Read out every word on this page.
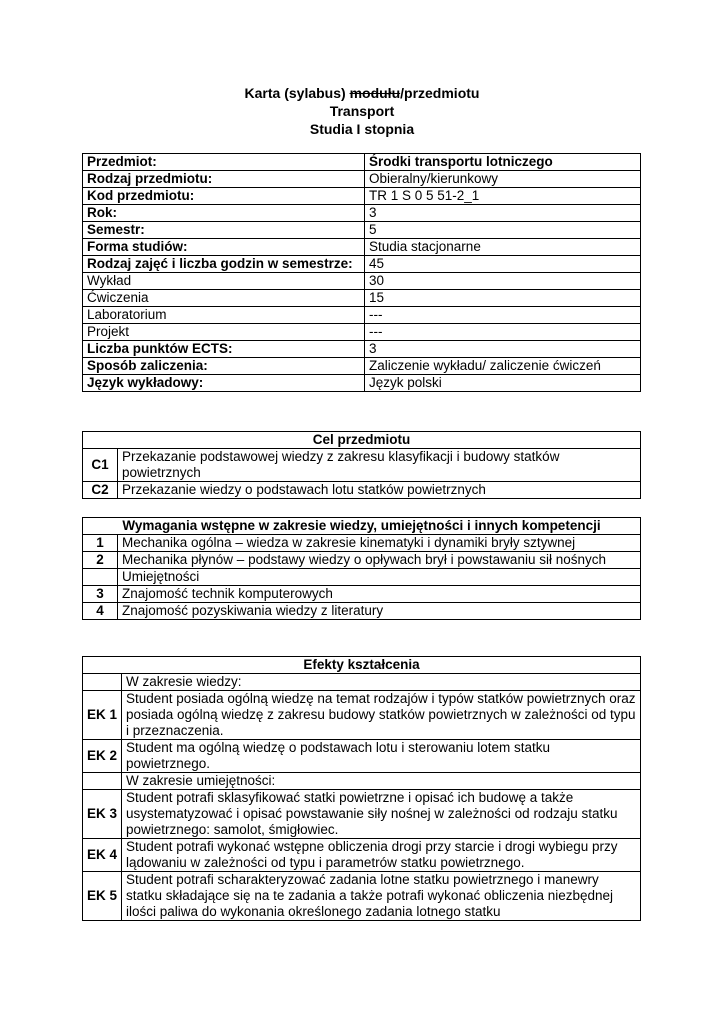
Karta (sylabus) modułu/przedmiotu
Transport
Studia I stopnia
Przedmiot:	Środki transportu lotniczego
Rodzaj przedmiotu:	Obieralny/kierunkowy
Kod przedmiotu:	TR 1 S 0 5 51-2_1
Rok:	3
Semestr:	5
Forma studiów:	Studia stacjonarne
Rodzaj zajęć i liczba godzin w semestrze:	45
Wykład	30
Ćwiczenia	15
Laboratorium	---
Projekt	---
Liczba punktów ECTS:	3
Sposób zaliczenia:	Zaliczenie wykładu/ zaliczenie ćwiczeń
Język wykładowy:	Język polski
Cel przedmiotu	
C1	Przekazanie podstawowej wiedzy z zakresu klasyfikacji i budowy statków powietrznych
C2	Przekazanie wiedzy o podstawach lotu statków powietrznych
Wymagania wstępne w zakresie wiedzy, umiejętności i innych kompetencji	
1	Mechanika ogólna – wiedza w zakresie kinematyki i dynamiki bryły sztywnej
2	Mechanika płynów – podstawy wiedzy o opływach brył i powstawaniu sił nośnych
	Umiejętności
3	Znajomość technik komputerowych
4	Znajomość pozyskiwania wiedzy z literatury
Efekty kształcenia	
	W zakresie wiedzy:
EK 1	Student posiada ogólną wiedzę na temat rodzajów i typów statków powietrznych oraz posiada ogólną wiedzę z zakresu budowy statków powietrznych w zależności od typu i przeznaczenia.
EK 2	Student ma ogólną wiedzę o podstawach lotu i sterowaniu lotem statku powietrznego.
	W zakresie umiejętności:
EK 3	Student potrafi sklasyfikować statki powietrzne i opisać ich budowę a także usystematyzować i opisać powstawanie siły nośnej w zależności od rodzaju statku powietrznego: samolot, śmigłowiec.
EK 4	Student potrafi wykonać wstępne obliczenia drogi przy starcie i drogi wybiegu przy lądowaniu w zależności od typu i parametrów statku powietrznego.
EK 5	Student potrafi scharakteryzować zadania lotne statku powietrznego i manewry statku składające się na te zadania a także potrafi wykonać obliczenia niezbędnej ilości paliwa do wykonania określonego zadania lotnego statku
